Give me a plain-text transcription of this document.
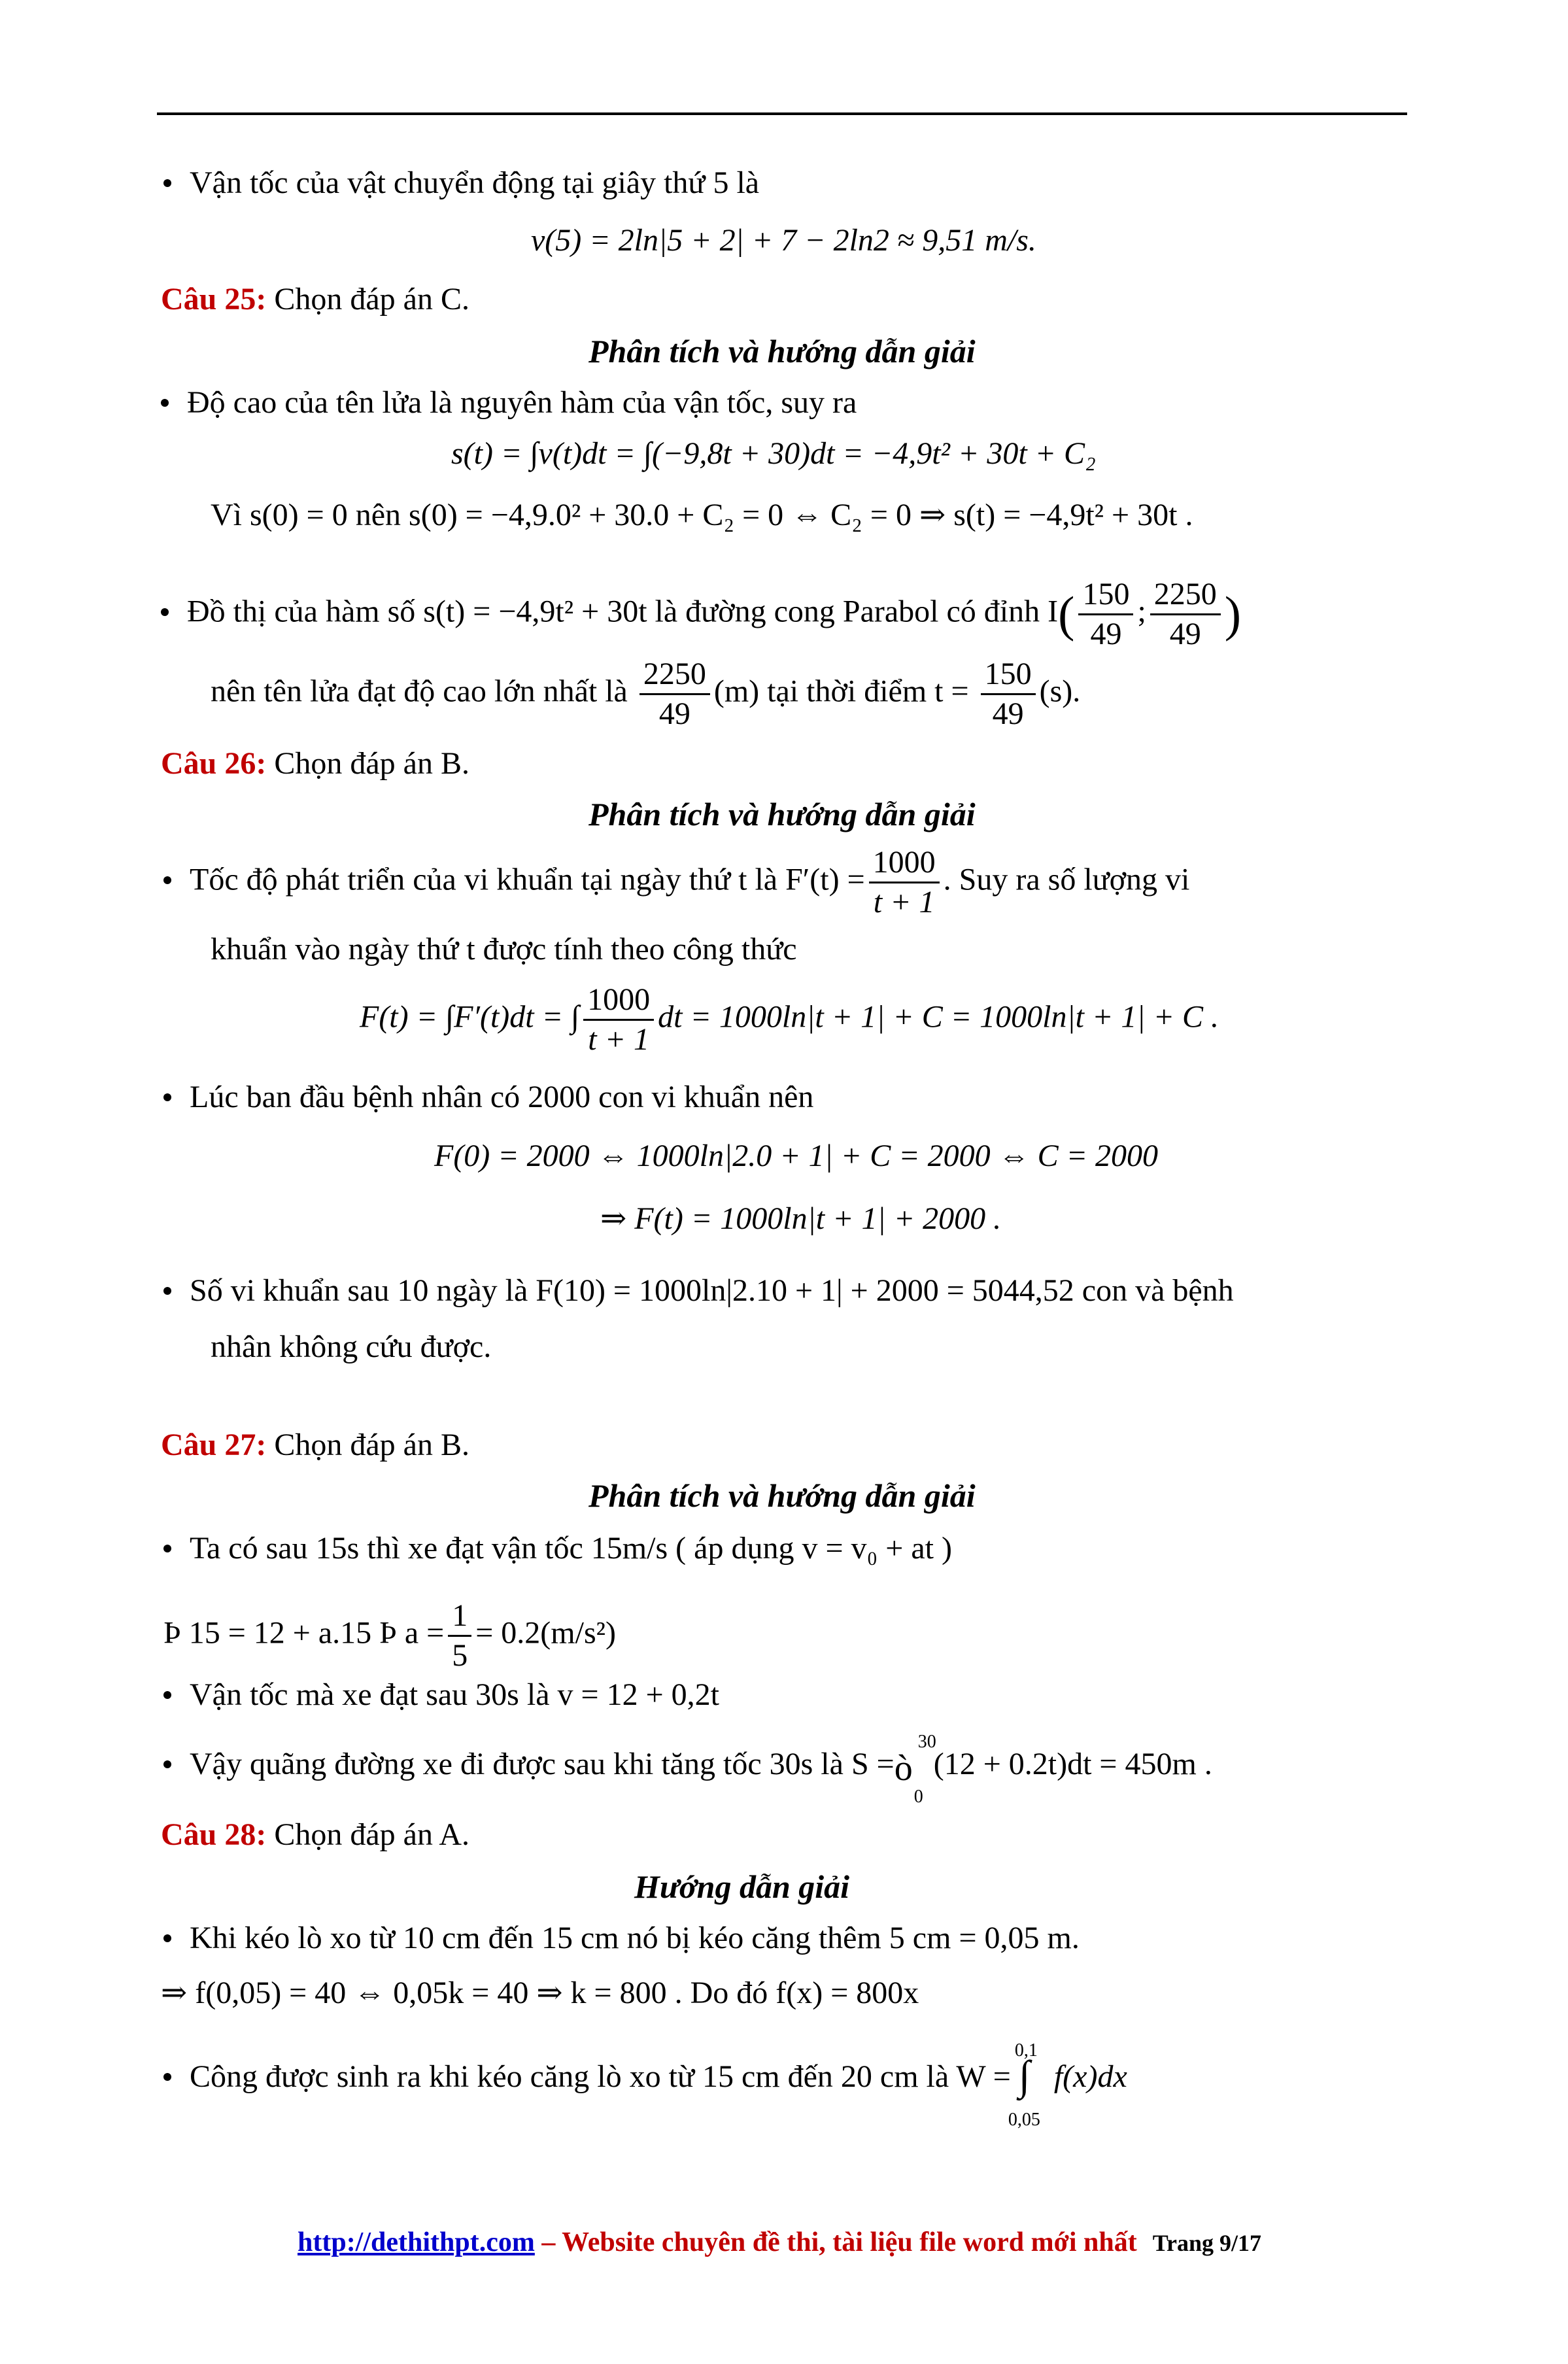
Vận tốc của vật chuyển động tại giây thứ 5 là
v(5) = 2ln|5 + 2| + 7 − 2ln2 ≈ 9,51 m/s.
Câu 25: Chọn đáp án C.
Phân tích và hướng dẫn giải
Độ cao của tên lửa là nguyên hàm của vận tốc, suy ra
s(t) = ∫v(t)dt = ∫(−9,8t + 30)dt = −4,9t² + 30t + C₂
Vì s(0) = 0 nên s(0) = −4,9.0² + 30.0 + C₂ = 0 ⇔ C₂ = 0 ⇒ s(t) = −4,9t² + 30t .
Đồ thị của hàm số s(t) = −4,9t² + 30t là đường cong Parabol có đỉnh $I( \frac{150}{49}$ ; $\frac{2250}{49}$ )
nên tên lửa đạt độ cao lớn nhất là $\frac{2250}{49} (m)$ tại thời điểm $t = \frac{150}{49} (s)$.
Câu 26: Chọn đáp án B.
Phân tích và hướng dẫn giải
Tốc độ phát triển của vi khuẩn tại ngày thứ t là $F'(t) = \frac{1000}{t + 1}$ . Suy ra số lượng vi
khuẩn vào ngày thứ t được tính theo công thức
F(t) = ∫F′(t)dt = ∫ $\frac{1000}{t + 1}$ dt = 1000ln|t + 1| + C = 1000ln|t + 1| + C .
Lúc ban đầu bệnh nhân có 2000 con vi khuẩn nên
F(0) = 2000 ⇔ 1000ln|2.0 + 1| + C = 2000 ⇔ C = 2000
⇒ F(t) = 1000ln|t + 1| + 2000 .
Số vi khuẩn sau 10 ngày là F(10) = 1000ln|2.10 + 1| + 2000 = 5044,52 con và bệnh
nhân không cứu được.
Câu 27: Chọn đáp án B.
Phân tích và hướng dẫn giải
Ta có sau 15s thì xe đạt vận tốc 15m/s ( áp dụng v = v₀ + at )
Þ 15 = 12 + a.15 Þ $a = \frac{1}{5} = 0.2(m/s^2)$
Vận tốc mà xe đạt sau 30s là v = 12 + 0,2t
Vậy quãng đường xe đi được sau khi tăng tốc 30s là S =
30
ò
0
(12 + 0.2t)dt = 450m .
Câu 28: Chọn đáp án A.
Hướng dẫn giải
Khi kéo lò xo từ 10 cm đến 15 cm nó bị kéo căng thêm 5 cm = 0,05 m.
⇒ f(0,05) = 40 ⇔ 0,05k = 40 ⇒ k = 800 . Do đó f(x) = 800x
Công được sinh ra khi kéo căng lò xo từ 15 cm đến 20 cm là W =
0,1
∫
0,05
f(x)dx
http://dethithpt.com – Website chuyên đề thi, tài liệu file word mới nhất Trang 9/17
